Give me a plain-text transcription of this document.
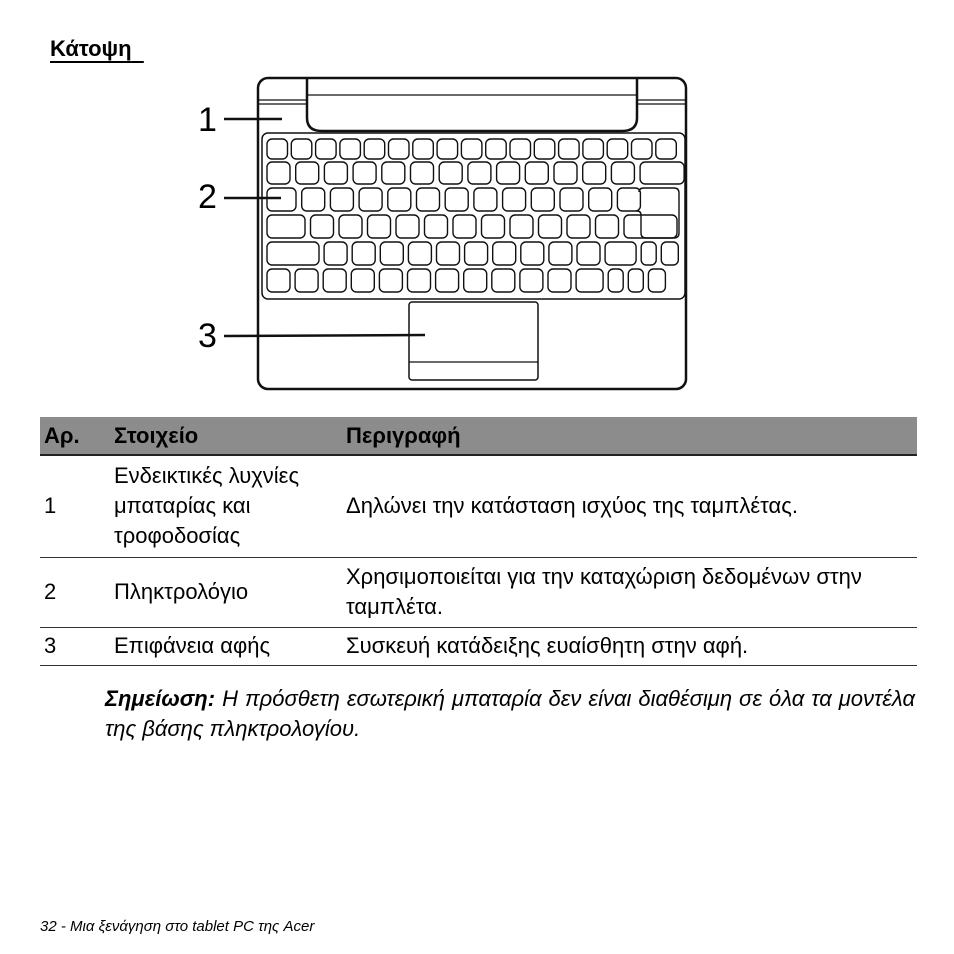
Κάτοψη
1
2
3
Αρ.	Στοιχείο	Περιγραφή
1	Ενδεικτικές λυχνίες μπαταρίας και τροφοδοσίας	Δηλώνει την κατάσταση ισχύος της ταμπλέτας.
2	Πληκτρολόγιο	Χρησιμοποιείται για την καταχώριση δεδομένων στην ταμπλέτα.
3	Επιφάνεια αφής	Συσκευή κατάδειξης ευαίσθητη στην αφή.
Σημείωση: Η πρόσθετη εσωτερική μπαταρία δεν είναι διαθέσιμη σε όλα τα μοντέλα της βάσης πληκτρολογίου.
32 - Μια ξενάγηση στο tablet PC της Acer
